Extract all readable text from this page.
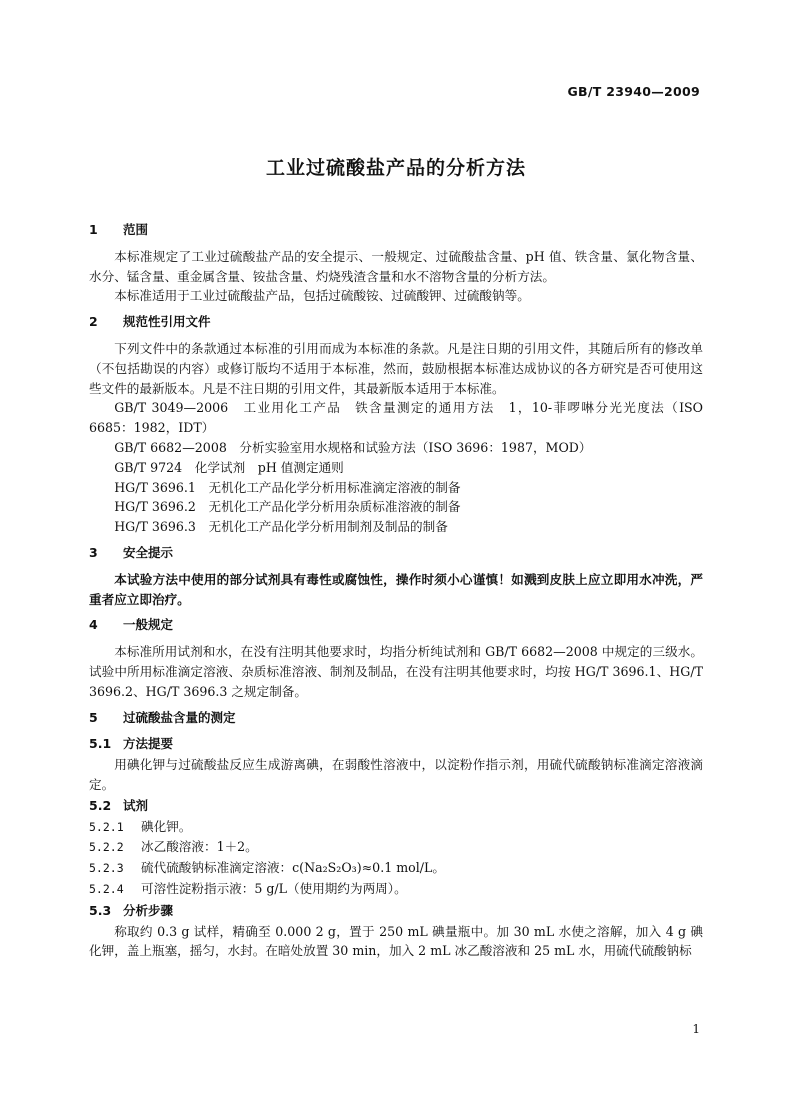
GB/T 23940—2009
工业过硫酸盐产品的分析方法
1 范围

本标准规定了工业过硫酸盐产品的安全提示、一般规定、过硫酸盐含量、pH 值、铁含量、氯化物含量、水分、锰含量、重金属含量、铵盐含量、灼烧残渣含量和水不溶物含量的分析方法。

本标准适用于工业过硫酸盐产品，包括过硫酸铵、过硫酸钾、过硫酸钠等。

2 规范性引用文件

下列文件中的条款通过本标准的引用而成为本标准的条款。凡是注日期的引用文件，其随后所有的修改单（不包括勘误的内容）或修订版均不适用于本标准，然而，鼓励根据本标准达成协议的各方研究是否可使用这些文件的最新版本。凡是不注日期的引用文件，其最新版本适用于本标准。

GB/T 3049—2006　工业用化工产品　铁含量测定的通用方法　1，10-菲啰啉分光光度法（ISO 6685：1982，IDT）

GB/T 6682—2008　分析实验室用水规格和试验方法（ISO 3696：1987，MOD）

GB/T 9724　化学试剂　pH 值测定通则

HG/T 3696.1　无机化工产品化学分析用标准滴定溶液的制备

HG/T 3696.2　无机化工产品化学分析用杂质标准溶液的制备

HG/T 3696.3　无机化工产品化学分析用制剂及制品的制备

3 安全提示

本试验方法中使用的部分试剂具有毒性或腐蚀性，操作时须小心谨慎！如溅到皮肤上应立即用水冲洗，严重者应立即治疗。

4 一般规定

本标准所用试剂和水，在没有注明其他要求时，均指分析纯试剂和 GB/T 6682—2008 中规定的三级水。试验中所用标准滴定溶液、杂质标准溶液、制剂及制品，在没有注明其他要求时，均按 HG/T 3696.1、HG/T 3696.2、HG/T 3696.3 之规定制备。

5 过硫酸盐含量的测定
5.1 方法提要

用碘化钾与过硫酸盐反应生成游离碘，在弱酸性溶液中，以淀粉作指示剂，用硫代硫酸钠标准滴定溶液滴定。

5.2 试剂
5.2.1 碘化钾。
5.2.2 冰乙酸溶液：1＋2。
5.2.3 硫代硫酸钠标准滴定溶液：c(Na₂S₂O₃)≈0.1 mol/L。
5.2.4 可溶性淀粉指示液：5 g/L（使用期约为两周）。
5.3 分析步骤

称取约 0.3 g 试样，精确至 0.000 2 g，置于 250 mL 碘量瓶中。加 30 mL 水使之溶解，加入 4 g 碘化钾，盖上瓶塞，摇匀，水封。在暗处放置 30 min，加入 2 mL 冰乙酸溶液和 25 mL 水，用硫代硫酸钠标

1
